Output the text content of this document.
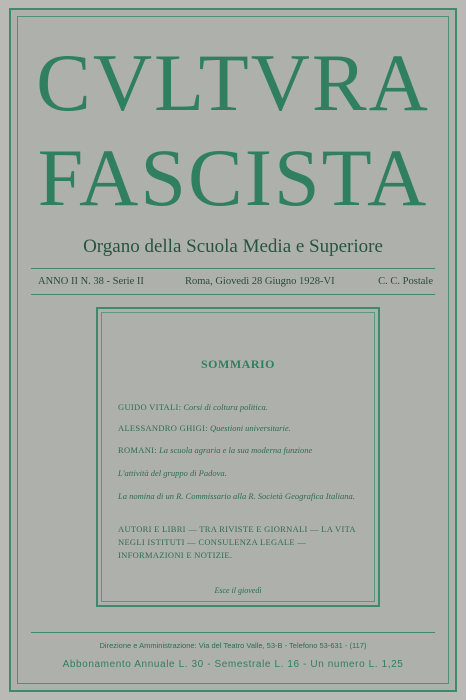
CVLTVRA
FASCISTA
Organo della Scuola Media e Superiore
ANNO II N. 38 - Serie II	Roma, Giovedì 28 Giugno 1928-VI	C. C. Postale
SOMMARIO
GUIDO VITALI: Corsi di coltura politica.
ALESSANDRO GHIGI: Questioni universitarie.
ROMANI: La scuola agraria e la sua moderna funzione
L'attività del gruppo di Padova.
La nomina di un R. Commissario alla R. Società Geografica Italiana.
AUTORI E LIBRI — TRA RIVISTE E GIORNALI — LA VITA NEGLI ISTITUTI — CONSULENZA LEGALE — INFORMAZIONI E NOTIZIE.
Esce il giovedì
Direzione e Amministrazione: Via del Teatro Valle, 53-B - Telefono 53-631 - (117)
Abbonamento Annuale L. 30 - Semestrale L. 16 - Un numero L. 1,25
